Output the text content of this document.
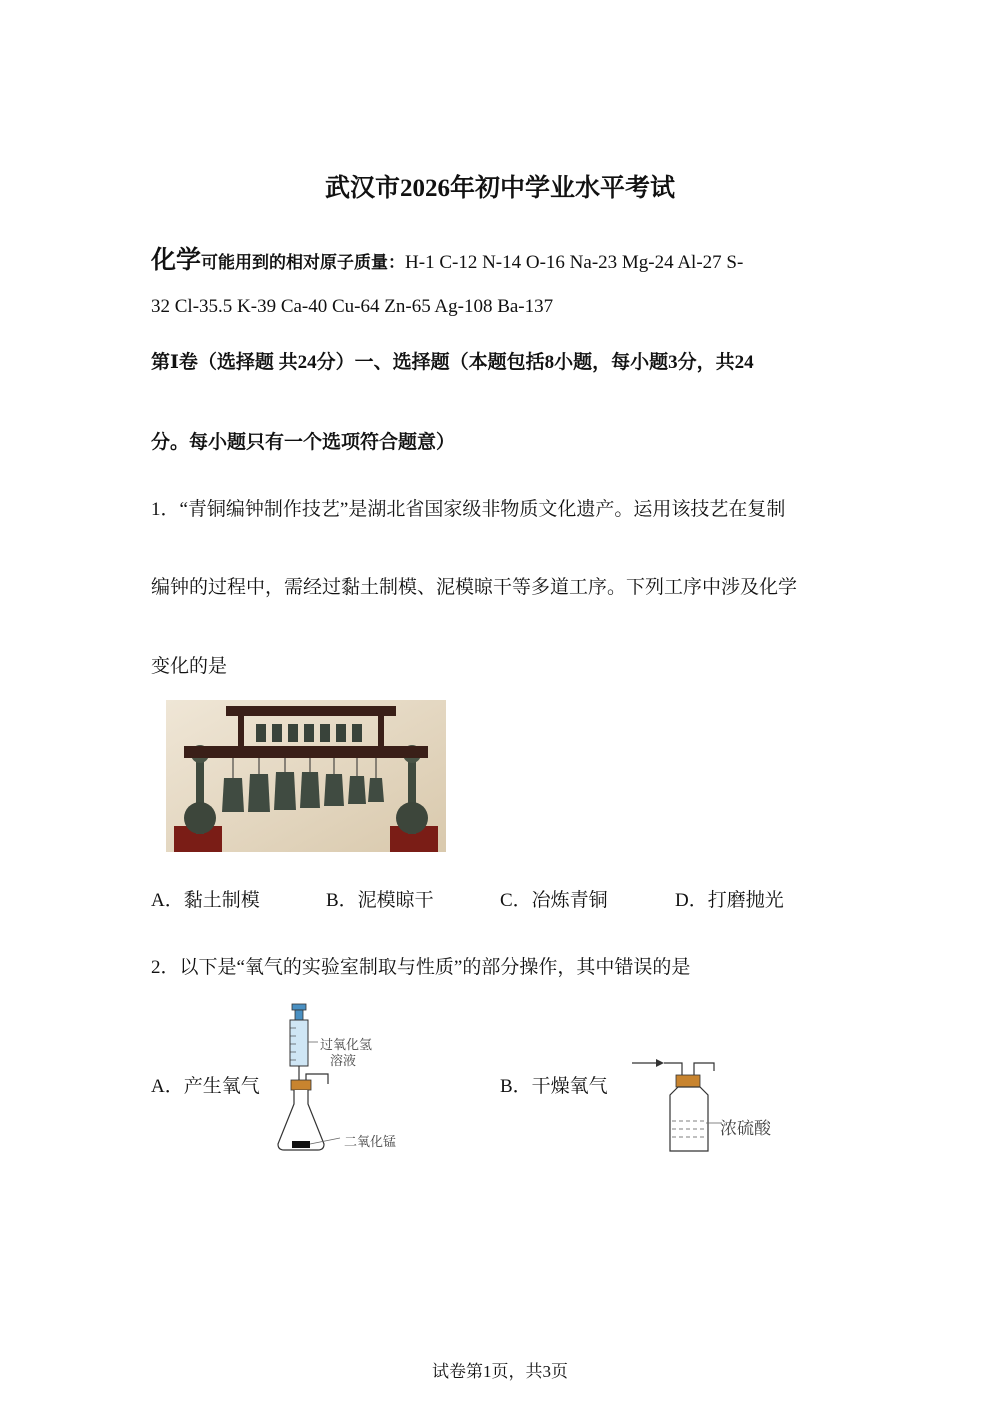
武汉市2026年初中学业水平考试
化学可能用到的相对原子质量：H-1 C-12 N-14 O-16 Na-23 Mg-24 Al-27 S-
32 Cl-35.5 K-39 Ca-40 Cu-64 Zn-65 Ag-108 Ba-137
第Ⅰ卷（选择题 共24分）一、选择题（本题包括8小题，每小题3分，共24
分。每小题只有一个选项符合题意）
1．“青铜编钟制作技艺”是湖北省国家级非物质文化遗产。运用该技艺在复制
编钟的过程中，需经过黏土制模、泥模晾干等多道工序。下列工序中涉及化学
变化的是
A．黏土制模	B．泥模晾干	C．冶炼青铜	D．打磨抛光
2．以下是“氧气的实验室制取与性质”的部分操作，其中错误的是
A．产生氧气	B．干燥氧气
过氧化氢
溶液
二氧化锰
浓硫酸
试卷第1页，共3页
